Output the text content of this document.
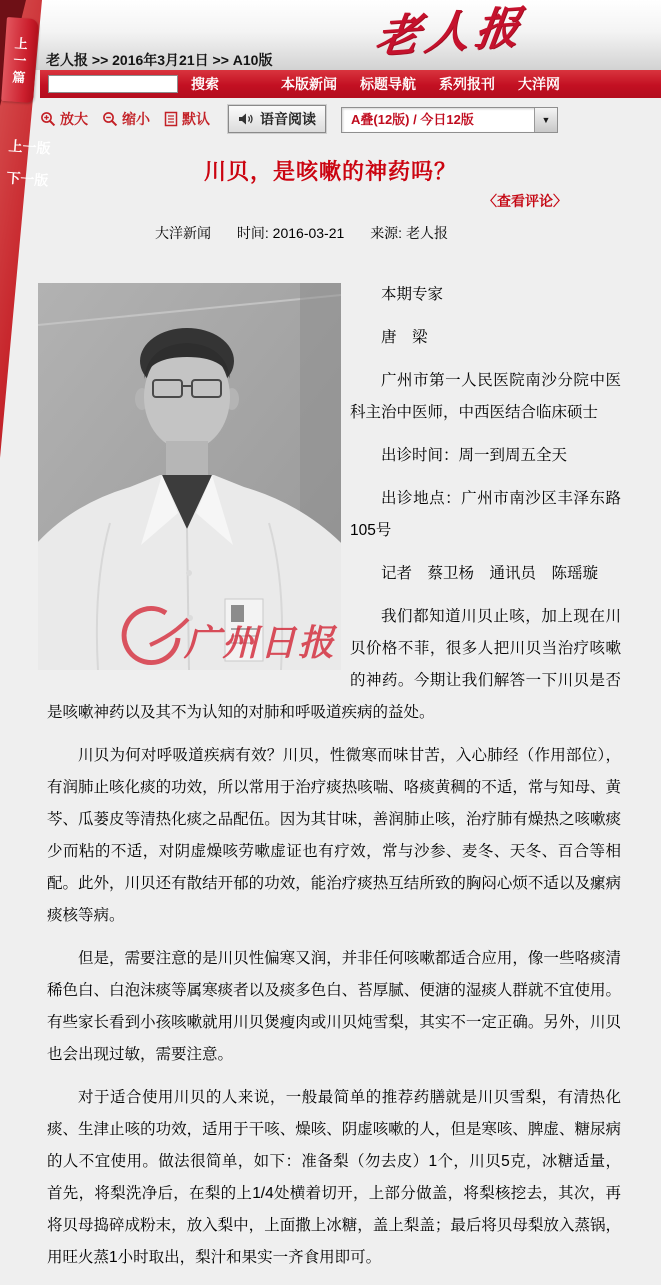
老人报
老人报 >> 2016年3月21日 >> A10版
搜索	本版新闻 标题导航 系列报刊 大洋网
放大 缩小 默认	语音阅读	A叠(12版) / 今日12版	▼
上一篇
上一版
下一版	川贝，是咳嗽的神药吗？
〈查看评论〉
大洋新闻 时间: 2016-03-21 来源: 老人报
广州日报

本期专家

唐　梁

广州市第一人民医院南沙分院中医科主治中医师，中西医结合临床硕士

出诊时间：周一到周五全天

出诊地点：广州市南沙区丰泽东路105号

记者　蔡卫杨　通讯员　陈瑶璇

我们都知道川贝止咳，加上现在川贝价格不菲，很多人把川贝当治疗咳嗽的神药。今期让我们解答一下川贝是否是咳嗽神药以及其不为认知的对肺和呼吸道疾病的益处。

川贝为何对呼吸道疾病有效？川贝，性微寒而味甘苦，入心肺经（作用部位），有润肺止咳化痰的功效，所以常用于治疗痰热咳喘、咯痰黄稠的不适，常与知母、黄芩、瓜蒌皮等清热化痰之品配伍。因为其甘味，善润肺止咳，治疗肺有燥热之咳嗽痰少而粘的不适，对阴虚燥咳劳嗽虚证也有疗效，常与沙参、麦冬、天冬、百合等相配。此外，川贝还有散结开郁的功效，能治疗痰热互结所致的胸闷心烦不适以及瘰病痰核等病。

但是，需要注意的是川贝性偏寒又润，并非任何咳嗽都适合应用，像一些咯痰清稀色白、白泡沫痰等属寒痰者以及痰多色白、苔厚腻、便溏的湿痰人群就不宜使用。有些家长看到小孩咳嗽就用川贝煲瘦肉或川贝炖雪梨，其实不一定正确。另外，川贝也会出现过敏，需要注意。

对于适合使用川贝的人来说，一般最简单的推荐药膳就是川贝雪梨，有清热化痰、生津止咳的功效，适用于干咳、燥咳、阴虚咳嗽的人，但是寒咳、脾虚、糖尿病的人不宜使用。做法很简单，如下：准备梨（勿去皮）1个，川贝5克，冰糖适量，首先，将梨洗净后，在梨的上1/4处横着切开，上部分做盖，将梨核挖去，其次，再将贝母捣碎成粉末，放入梨中，上面撒上冰糖，盖上梨盖；最后将贝母梨放入蒸锅，用旺火蒸1小时取出，梨汁和果实一齐食用即可。
